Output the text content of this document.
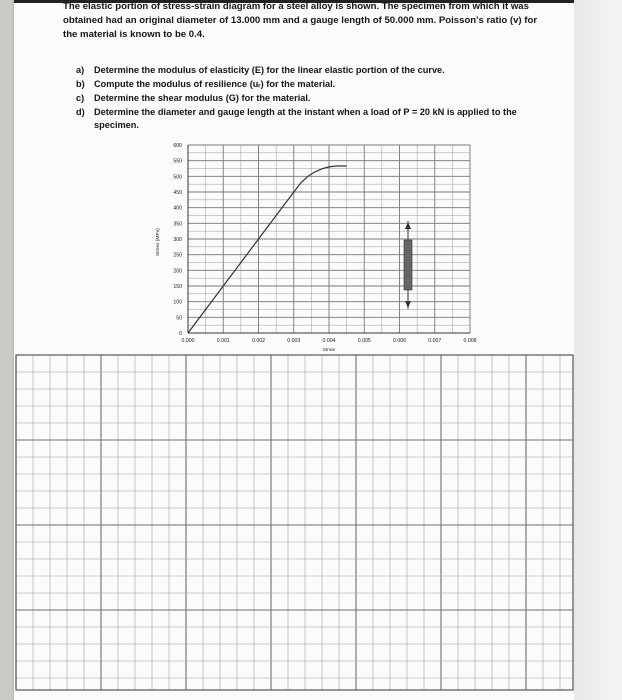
The elastic portion of stress-strain diagram for a steel alloy is shown. The specimen from which it was obtained had an original diameter of 13.000 mm and a gauge length of 50.000 mm. Poisson's ratio (v) for the material is known to be 0.4.
a) Determine the modulus of elasticity (E) for the linear elastic portion of the curve.
b) Compute the modulus of resilience (uᵣ) for the material.
c) Determine the shear modulus (G) for the material.
d) Determine the diameter and gauge length at the instant when a load of P = 20 kN is applied to the specimen.
0
50
100
150
200
250
300
350
400
450
500
550
600
0.000	0.001	0.002	0.003	0.004	0.005	0.006	0.007	0.008
Strain
Stress (MPa)
